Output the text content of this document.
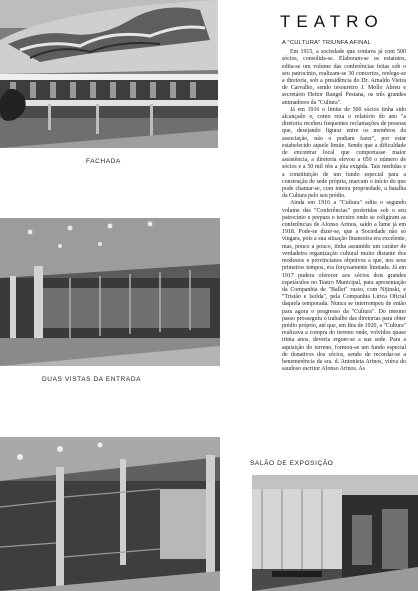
FACHADA
DUAS VISTAS DA ENTRADA
SALÃO DE EXPOSIÇÃO
TEATRO
A "CULTURA" TRIUNFA AFINAL

Em 1915, a sociedade que contava já com 500 sócios, consolida-se. Elaboram-se os estatutos, edita-se um volume das conferências feitas sob o seu patrocínio, realizam-se 30 concertos, reelege-se a diretoria, sob a presidência do Dr. Arnaldo Vieira de Carvalho, sendo tesoureiro J. Mollo Abreu e secretário Heitor Rangel Pestana, os três grandes animadores da "Cultura".

Já em 1916 o limite de 500 sócios tinha sido alcançado e, como reza o relatório do ano "a diretoria recebeu frequentes reclamações de pessoas que, desejando figurar entre os membros da associação, não o podiam fazer", por estar estabelecido aquele limite. Sendo que a dificuldade de encontrar local que comportasse maior assistência, a diretoria elevou a 650 o número de sócios e a 50 mil réis a jóia exigida. Tais medidas e a constituição de um fundo especial para a construção de sede própria, marcam o início do que pode chamar-se, com inteira propriedade, a batalha da Cultura pelo seu prédio.

Ainda em 1916 a "Cultura" edita o segundo volume das "Conferências" proferidas sob o seu patrocínio e prepara o terceiro onde se coligiram as conferências de Afonso Arinos, saído a lume já em 1918. Pode-se dizer-se, que a Sociedade não só vingara, pois a sua situação financeira era excelente, mas, pouco a pouco, tinha assumido um caráter de verdadeira organização cultural muito distante dos modestos e provincianos objetivos a que, nos seus primeiros tempos, era forçosamente limitada. Já em 1917 pudera oferecer aos sócios dois grandes espetáculos no Teatro Municipal, para apresentação da Companhia de "Ballet" russo, com Nijinski, e "Tristão e Isolda", pela Companhia Lírica Oficial daquela temporada. Nunca se interrompeu de então para agora o progresso da "Cultura". Do mesmo passo prosseguiu o trabalho das diretorias para obter prédio próprio, até que, em fins de 1920, a "Cultura" realizava a compra do terreno onde, volvidos quase trinta anos, deveria erguer-se a sua sede. Para a aquisição do terreno, formou-se um fundo especial de donativos dos sócios, sendo de recordar-se a benemerência da sra. d. Antonieta Arinos, viúva do saudoso escritor Afonso Arinos. As
